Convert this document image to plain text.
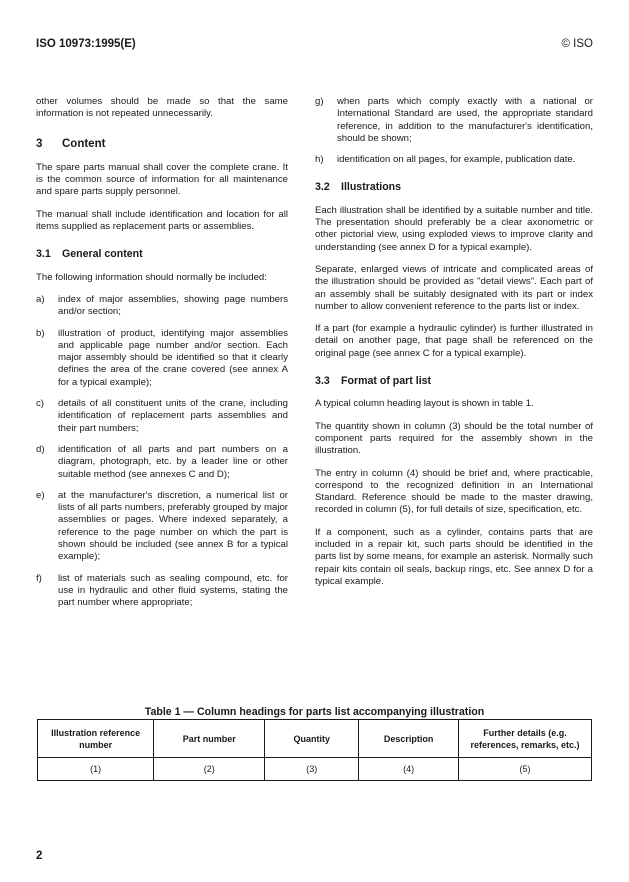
ISO 10973:1995(E)	© ISO

other volumes should be made so that the same information is not repeated unnecessarily.

3 Content

The spare parts manual shall cover the complete crane. It is the common source of information for all maintenance and spare parts supply personnel.

The manual shall include identification and location for all items supplied as replacement parts or assemblies.

3.1 General content

The following information should normally be included:

a)	index of major assemblies, showing page numbers and/or section;
b)	illustration of product, identifying major assemblies and applicable page number and/or section. Each major assembly should be identified so that it clearly defines the area of the crane covered (see annex A for a typical example);
c)	details of all constituent units of the crane, including identification of replacement parts assemblies and their part numbers;
d)	identification of all parts and part numbers on a diagram, photograph, etc. by a leader line or other suitable method (see annexes C and D);
e)	at the manufacturer's discretion, a numerical list or lists of all parts numbers, preferably grouped by major assemblies or pages. Where indexed separately, a reference to the page number on which the part is shown should be included (see annex B for a typical example);
f)	list of materials such as sealing compound, etc. for use in hydraulic and other fluid systems, stating the part number where appropriate;
g)	when parts which comply exactly with a national or International Standard are used, the appropriate standard reference, in addition to the manufacturer's identification, should be shown;
h)	identification on all pages, for example, publication date.
3.2 Illustrations

Each illustration shall be identified by a suitable number and title. The presentation should preferably be a clear axonometric or other pictorial view, using exploded views to improve clarity and understanding (see annex D for a typical example).

Separate, enlarged views of intricate and complicated areas of the illustration should be provided as "detail views". Each part of an assembly shall be suitably designated with its part or index number to allow convenient reference to the parts list or index.

If a part (for example a hydraulic cylinder) is further illustrated in detail on another page, that page shall be referenced on the original page (see annex C for a typical example).

3.3 Format of part list

A typical column heading layout is shown in table 1.

The quantity shown in column (3) should be the total number of component parts required for the assembly shown in the illustration.

The entry in column (4) should be brief and, where practicable, correspond to the recognized definition in an International Standard. Reference should be made to the master drawing, recorded in column (5), for full details of size, specification, etc.

If a component, such as a cylinder, contains parts that are included in a repair kit, such parts should be identified in the parts list by some means, for example an asterisk. Normally such repair kits contain oil seals, backup rings, etc. See annex D for a typical example.

Table 1 — Column headings for parts list accompanying illustration
Illustration reference number	Part number	Quantity	Description	Further details (e.g. references, remarks, etc.)
(1)	(2)	(3)	(4)	(5)
2
